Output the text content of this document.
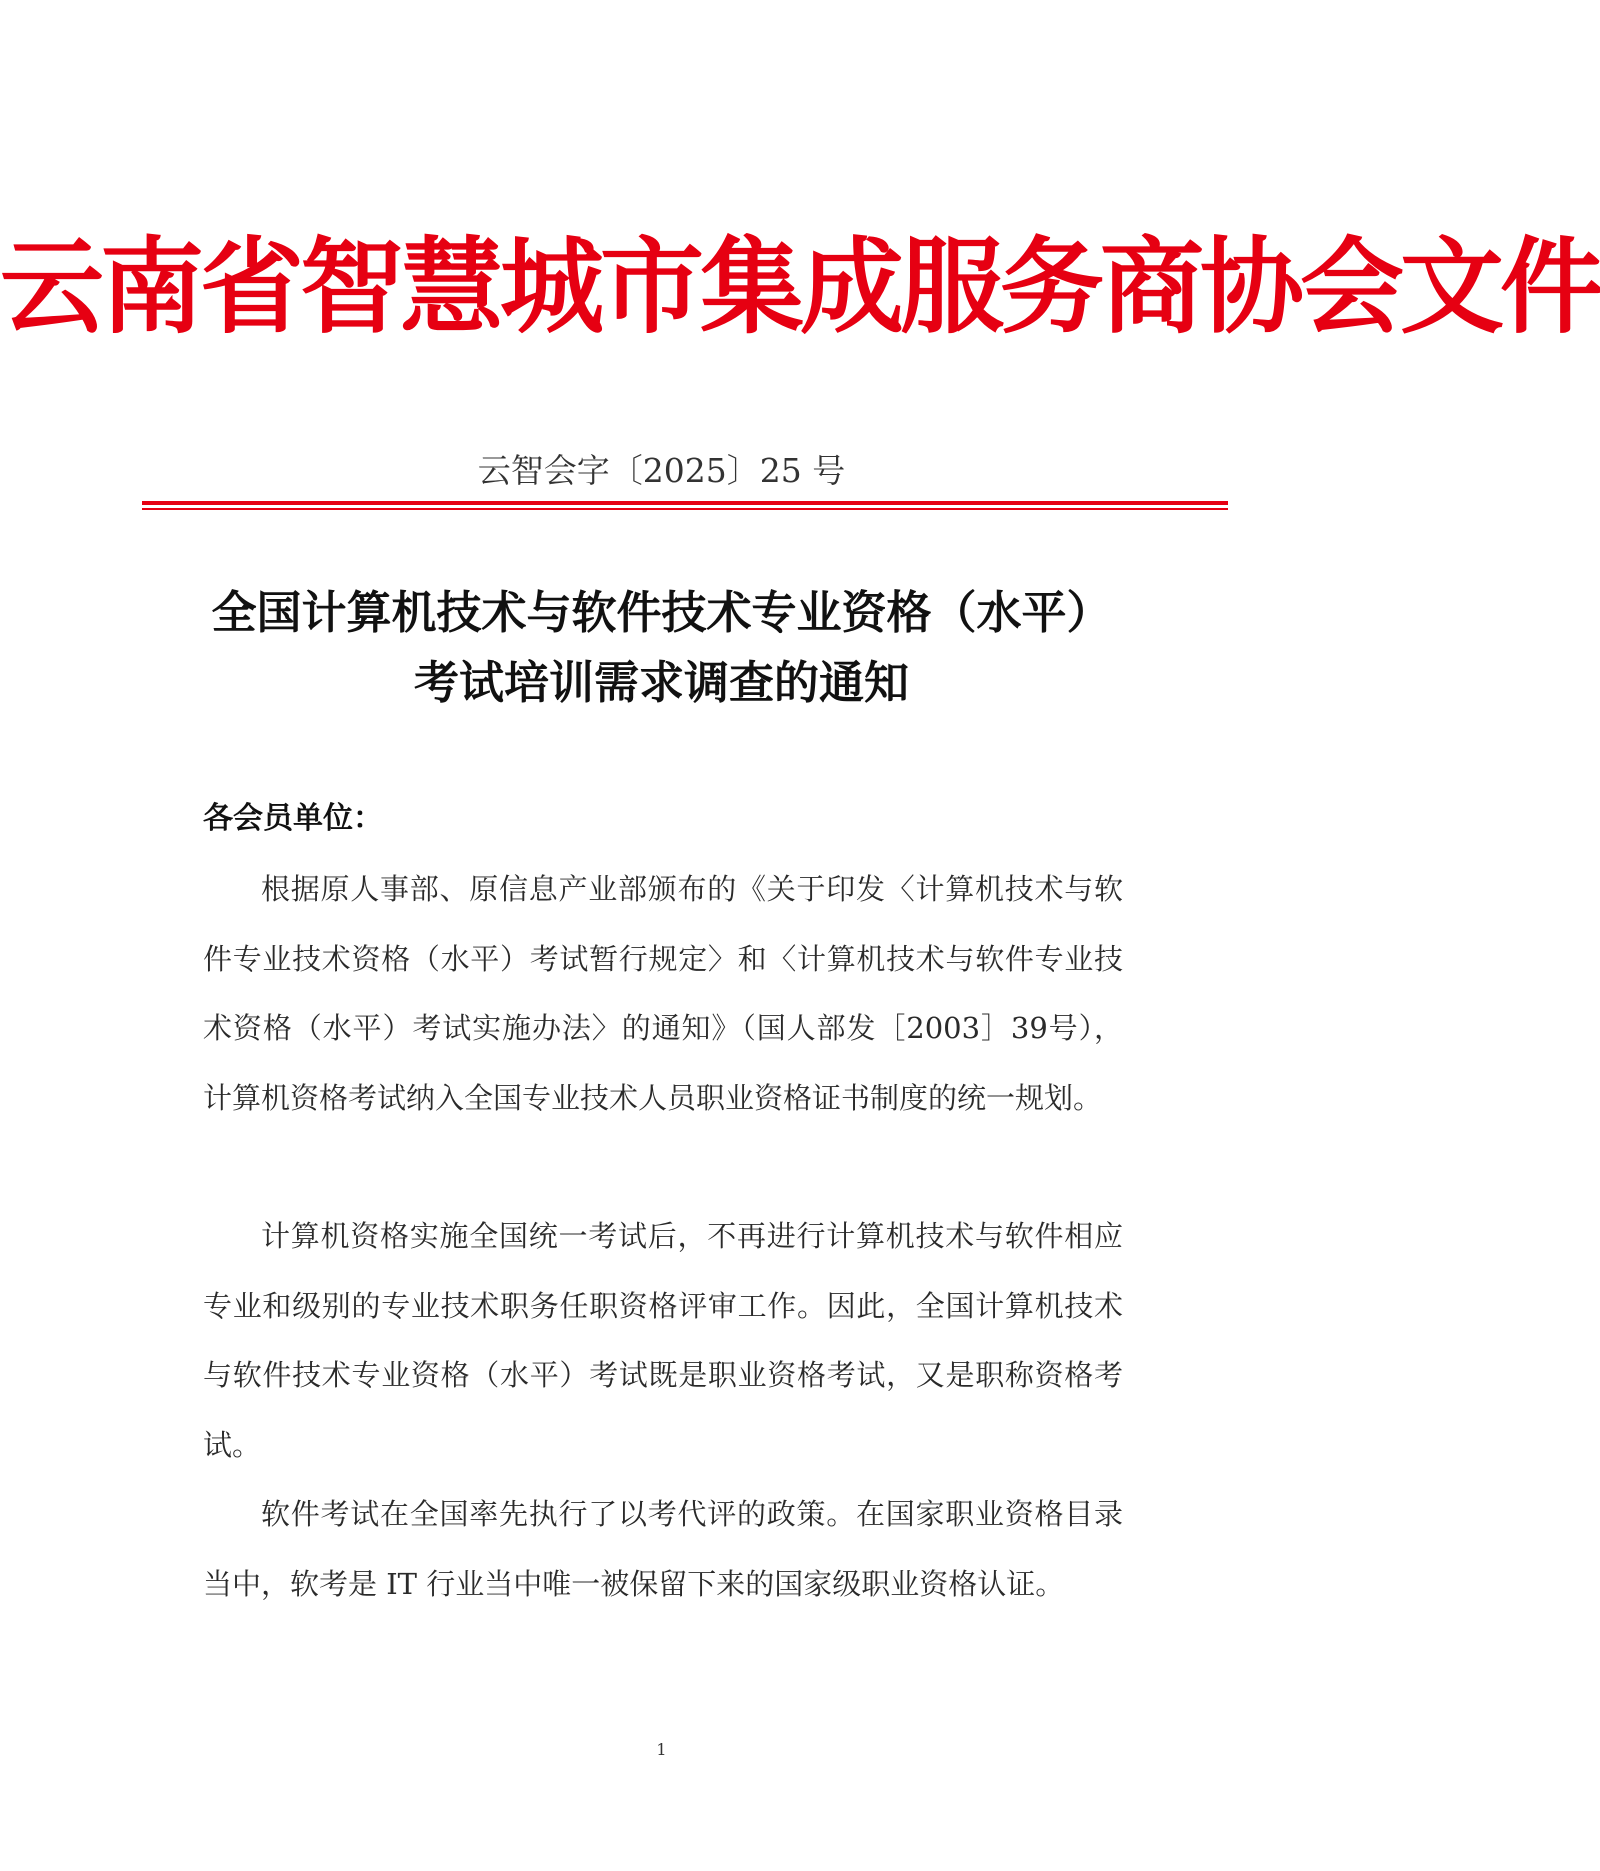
云南省智慧城市集成服务商协会文件
云智会字〔2025〕25 号
全国计算机技术与软件技术专业资格（水平）
考试培训需求调查的通知
各会员单位：

根据原人事部、原信息产业部颁布的《关于印发〈计算机技术与软件专业技术资格（水平）考试暂行规定〉和〈计算机技术与软件专业技术资格（水平）考试实施办法〉的通知》（国人部发［2003］39号），计算机资格考试纳入全国专业技术人员职业资格证书制度的统一规划。

计算机资格实施全国统一考试后，不再进行计算机技术与软件相应专业和级别的专业技术职务任职资格评审工作。因此，全国计算机技术与软件技术专业资格（水平）考试既是职业资格考试，又是职称资格考试。

软件考试在全国率先执行了以考代评的政策。在国家职业资格目录当中，软考是 IT 行业当中唯一被保留下来的国家级职业资格认证。

1
